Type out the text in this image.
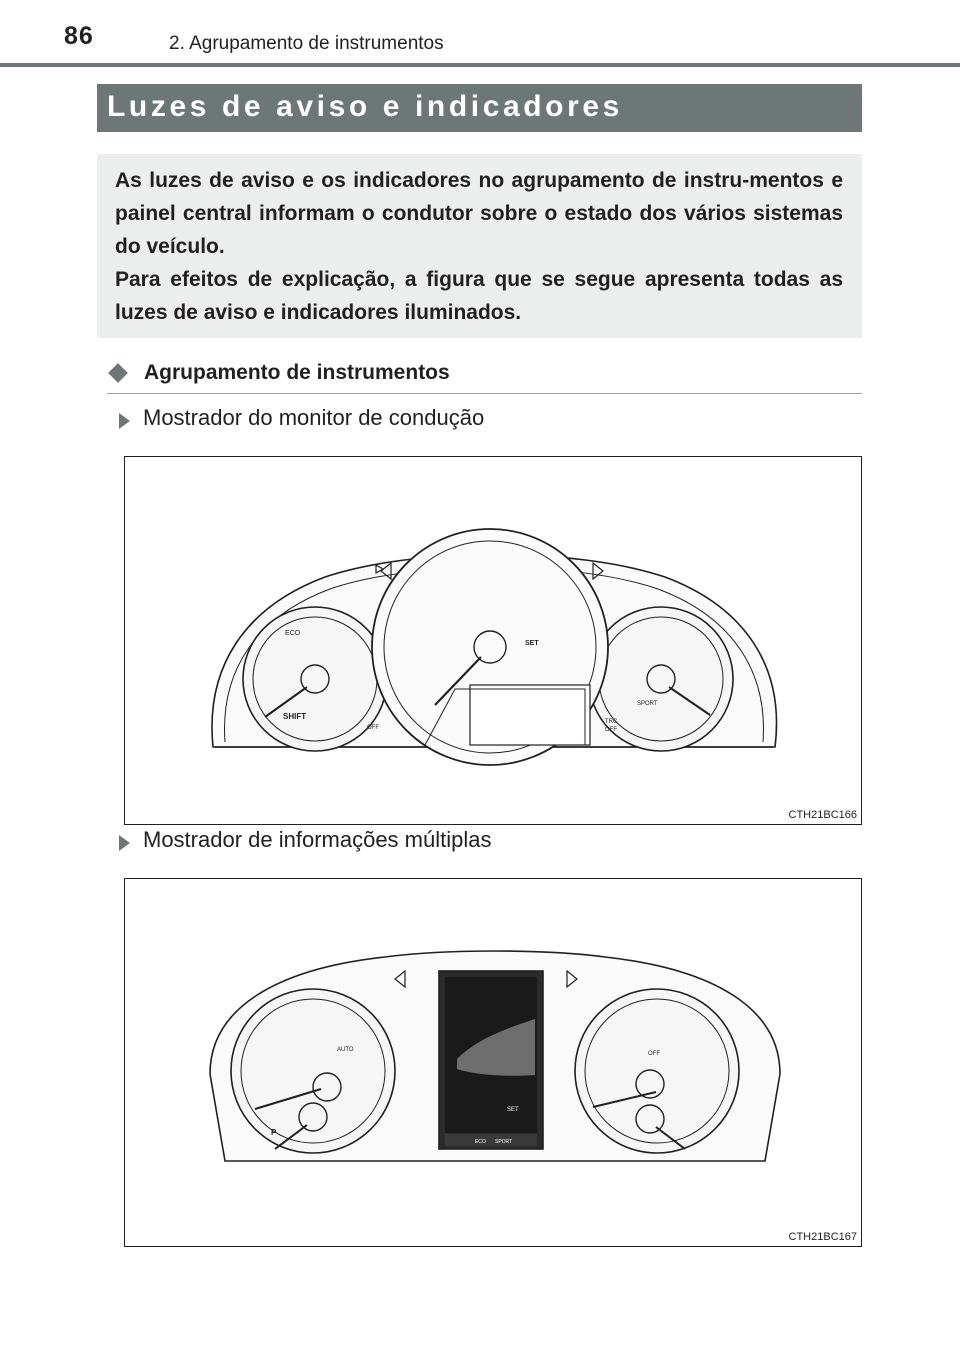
86	2. Agrupamento de instrumentos
Luzes de aviso e indicadores

As luzes de aviso e os indicadores no agrupamento de instru-mentos e painel central informam o condutor sobre o estado dos vários sistemas do veículo.

Para efeitos de explicação, a figura que se segue apresenta todas as luzes de aviso e indicadores iluminados.

Agrupamento de instrumentos
Mostrador do monitor de condução
ECO
SHIFT
OFF
SET
SPORT
TRC
OFF
CTH21BC166
Mostrador de informações múltiplas
AUTO
OFF
SET
ECO SPORT
P
CTH21BC167
